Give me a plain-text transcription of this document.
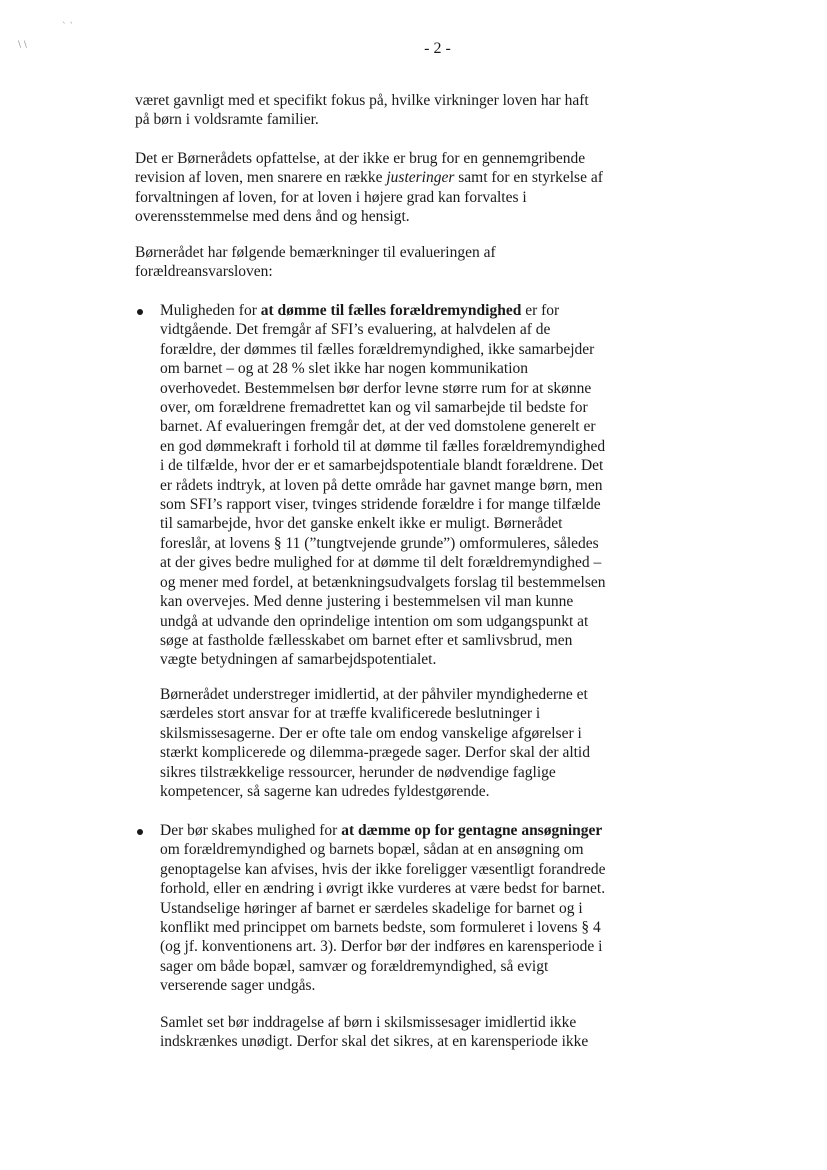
\ \
` `
- 2 -
været gavnligt med et specifikt fokus på, hvilke virkninger loven har haft
på børn i voldsramte familier.
Det er Børnerådets opfattelse, at der ikke er brug for en gennemgribende
revision af loven, men snarere en række justeringer samt for en styrkelse af
forvaltningen af loven, for at loven i højere grad kan forvaltes i
overensstemmelse med dens ånd og hensigt.
Børnerådet har følgende bemærkninger til evalueringen af
forældreansvarsloven:
Muligheden for at dømme til fælles forældremyndighed er for
vidtgående. Det fremgår af SFI’s evaluering, at halvdelen af de
forældre, der dømmes til fælles forældremyndighed, ikke samarbejder
om barnet – og at 28 % slet ikke har nogen kommunikation
overhovedet. Bestemmelsen bør derfor levne større rum for at skønne
over, om forældrene fremadrettet kan og vil samarbejde til bedste for
barnet. Af evalueringen fremgår det, at der ved domstolene generelt er
en god dømmekraft i forhold til at dømme til fælles forældremyndighed
i de tilfælde, hvor der er et samarbejdspotentiale blandt forældrene. Det
er rådets indtryk, at loven på dette område har gavnet mange børn, men
som SFI’s rapport viser, tvinges stridende forældre i for mange tilfælde
til samarbejde, hvor det ganske enkelt ikke er muligt. Børnerådet
foreslår, at lovens § 11 (”tungtvejende grunde”) omformuleres, således
at der gives bedre mulighed for at dømme til delt forældremyndighed –
og mener med fordel, at betænkningsudvalgets forslag til bestemmelsen
kan overvejes. Med denne justering i bestemmelsen vil man kunne
undgå at udvande den oprindelige intention om som udgangspunkt at
søge at fastholde fællesskabet om barnet efter et samlivsbrud, men
vægte betydningen af samarbejdspotentialet.
Børnerådet understreger imidlertid, at der påhviler myndighederne et
særdeles stort ansvar for at træffe kvalificerede beslutninger i
skilsmissesagerne. Der er ofte tale om endog vanskelige afgørelser i
stærkt komplicerede og dilemma-prægede sager. Derfor skal der altid
sikres tilstrækkelige ressourcer, herunder de nødvendige faglige
kompetencer, så sagerne kan udredes fyldestgørende.
Der bør skabes mulighed for at dæmme op for gentagne ansøgninger
om forældremyndighed og barnets bopæl, sådan at en ansøgning om
genoptagelse kan afvises, hvis der ikke foreligger væsentligt forandrede
forhold, eller en ændring i øvrigt ikke vurderes at være bedst for barnet.
Ustandselige høringer af barnet er særdeles skadelige for barnet og i
konflikt med princippet om barnets bedste, som formuleret i lovens § 4
(og jf. konventionens art. 3). Derfor bør der indføres en karensperiode i
sager om både bopæl, samvær og forældremyndighed, så evigt
verserende sager undgås.
Samlet set bør inddragelse af børn i skilsmissesager imidlertid ikke
indskrænkes unødigt. Derfor skal det sikres, at en karensperiode ikke
